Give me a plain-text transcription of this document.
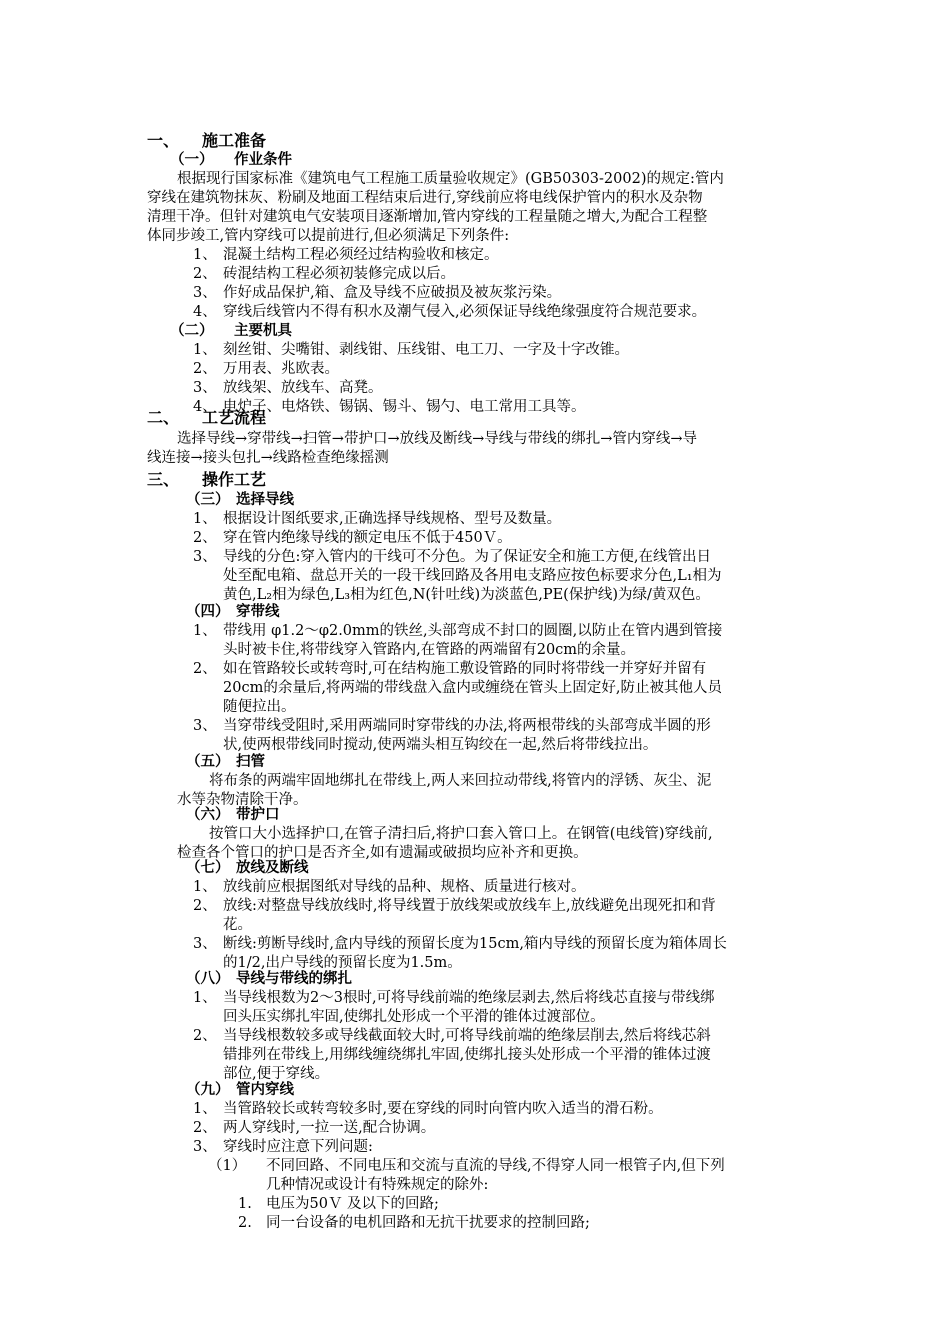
一、 施工准备
（一） 作业条件
根据现行国家标准《建筑电气工程施工质量验收规定》(GB50303-2002)的规定:管内
穿线在建筑物抹灰、粉刷及地面工程结束后进行,穿线前应将电线保护管内的积水及杂物
清理干净。但针对建筑电气安装项目逐渐增加,管内穿线的工程量随之增大,为配合工程整
体同步竣工,管内穿线可以提前进行,但必须满足下列条件:
1、 混凝土结构工程必须经过结构验收和核定。
2、 砖混结构工程必须初装修完成以后。
3、 作好成品保护,箱、盒及导线不应破损及被灰浆污染。
4、 穿线后线管内不得有积水及潮气侵入,必须保证导线绝缘强度符合规范要求。
（二） 主要机具
1、 刻丝钳、尖嘴钳、剥线钳、压线钳、电工刀、一字及十字改锥。
2、 万用表、兆欧表。
3、 放线架、放线车、高凳。
4、 电炉子、电烙铁、锡锅、锡斗、锡勺、电工常用工具等。
二、 工艺流程
选择导线→穿带线→扫管→带护口→放线及断线→导线与带线的绑扎→管内穿线→导
线连接→接头包扎→线路检查绝缘摇测
三、 操作工艺
（三） 选择导线
1、 根据设计图纸要求,正确选择导线规格、型号及数量。
2、 穿在管内绝缘导线的额定电压不低于450Ｖ。
3、 导线的分色:穿入管内的干线可不分色。为了保证安全和施工方便,在线管出日
处至配电箱、盘总开关的一段干线回路及各用电支路应按色标要求分色,L₁相为
黄色,L₂相为绿色,L₃相为红色,N(针吐线)为淡蓝色,PE(保护线)为绿/黄双色。
（四） 穿带线
1、 带线用 φ1.2～φ2.0mm的铁丝,头部弯成不封口的圆圈,以防止在管内遇到管接
头时被卡住,将带线穿入管路内,在管路的两端留有20cm的余量。
2、 如在管路较长或转弯时,可在结构施工敷设管路的同时将带线一并穿好并留有
20cm的余量后,将两端的带线盘入盒内或缠绕在管头上固定好,防止被其他人员
随便拉出。
3、 当穿带线受阻时,采用两端同时穿带线的办法,将两根带线的头部弯成半圆的形
状,使两根带线同时搅动,使两端头相互钩绞在一起,然后将带线拉出。
（五） 扫管
将布条的两端牢固地绑扎在带线上,两人来回拉动带线,将管内的浮锈、灰尘、泥
水等杂物清除干净。
（六） 带护口
按管口大小选择护口,在管子清扫后,将护口套入管口上。在钢管(电线管)穿线前,
检查各个管口的护口是否齐全,如有遗漏或破损均应补齐和更换。
（七） 放线及断线
1、 放线前应根据图纸对导线的品种、规格、质量进行核对。
2、 放线:对整盘导线放线时,将导线置于放线架或放线车上,放线避免出现死扣和背
花。
3、 断线:剪断导线时,盒内导线的预留长度为15cm,箱内导线的预留长度为箱体周长
的1/2,出户导线的预留长度为1.5m。
（八） 导线与带线的绑扎
1、 当导线根数为2～3根时,可将导线前端的绝缘层剥去,然后将线芯直接与带线绑
回头压实绑扎牢固,使绑扎处形成一个平滑的锥体过渡部位。
2、 当导线根数较多或导线截面较大时,可将导线前端的绝缘层削去,然后将线芯斜
错排列在带线上,用绑线缠绕绑扎牢固,使绑扎接头处形成一个平滑的锥体过渡
部位,便于穿线。
（九） 管内穿线
1、 当管路较长或转弯较多时,要在穿线的同时向管内吹入适当的滑石粉。
2、 两人穿线时,一拉一送,配合协调。
3、 穿线时应注意下列问题:
（1） 不同回路、不同电压和交流与直流的导线,不得穿人同一根管子内,但下列
几种情况或设计有特殊规定的除外:
1. 电压为50Ｖ 及以下的回路;
2. 同一台设备的电机回路和无抗干扰要求的控制回路;
